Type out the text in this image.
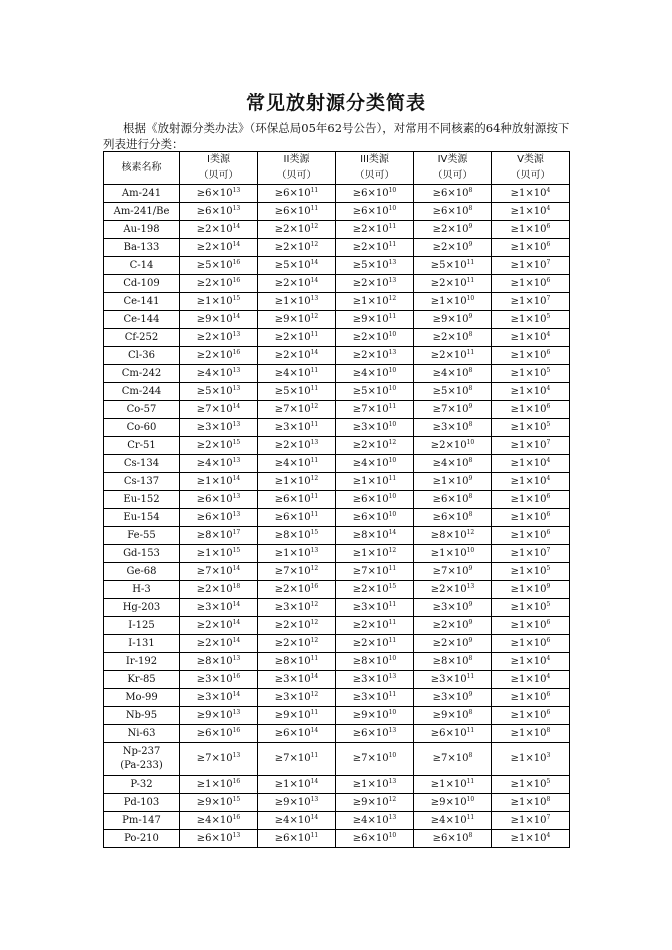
常见放射源分类简表
根据《放射源分类办法》（环保总局05年62号公告），对常用不同核素的64种放射源按下列表进行分类：
核素名称	I类源	II类源	III类源	IV类源	V类源
	（贝可）	（贝可）	（贝可）	（贝可）	（贝可）
Am-241	$\ge 6\times 10^{13}$	$\ge 6\times 10^{11}$	$\ge 6\times 10^{10}$	$\ge 6\times 10^8$	$\ge 1\times 10^4$
Am-241/Be	$\ge 6\times 10^{13}$	$\ge 6\times 10^{11}$	$\ge 6\times 10^{10}$	$\ge 6\times 10^8$	$\ge 1\times 10^4$
Au-198	$\ge 2\times 10^{14}$	$\ge 2\times 10^{12}$	$\ge 2\times 10^{11}$	$\ge 2\times 10^9$	$\ge 1\times 10^6$
Ba-133	$\ge 2\times 10^{14}$	$\ge 2\times 10^{12}$	$\ge 2\times 10^{11}$	$\ge 2\times 10^9$	$\ge 1\times 10^6$
C-14	$\ge 5\times 10^{16}$	$\ge 5\times 10^{14}$	$\ge 5\times 10^{13}$	$\ge 5\times 10^{11}$	$\ge 1\times 10^7$
Cd-109	$\ge 2\times 10^{16}$	$\ge 2\times 10^{14}$	$\ge 2\times 10^{13}$	$\ge 2\times 10^{11}$	$\ge 1\times 10^6$
Ce-141	$\ge 1\times 10^{15}$	$\ge 1\times 10^{13}$	$\ge 1\times 10^{12}$	$\ge 1\times 10^{10}$	$\ge 1\times 10^7$
Ce-144	$\ge 9\times 10^{14}$	$\ge 9\times 10^{12}$	$\ge 9\times 10^{11}$	$\ge 9\times 10^9$	$\ge 1\times 10^5$
Cf-252	$\ge 2\times 10^{13}$	$\ge 2\times 10^{11}$	$\ge 2\times 10^{10}$	$\ge 2\times 10^8$	$\ge 1\times 10^4$
Cl-36	$\ge 2\times 10^{16}$	$\ge 2\times 10^{14}$	$\ge 2\times 10^{13}$	$\ge 2\times 10^{11}$	$\ge 1\times 10^6$
Cm-242	$\ge 4\times 10^{13}$	$\ge 4\times 10^{11}$	$\ge 4\times 10^{10}$	$\ge 4\times 10^8$	$\ge 1\times 10^5$
Cm-244	$\ge 5\times 10^{13}$	$\ge 5\times 10^{11}$	$\ge 5\times 10^{10}$	$\ge 5\times 10^8$	$\ge 1\times 10^4$
Co-57	$\ge 7\times 10^{14}$	$\ge 7\times 10^{12}$	$\ge 7\times 10^{11}$	$\ge 7\times 10^9$	$\ge 1\times 10^6$
Co-60	$\ge 3\times 10^{13}$	$\ge 3\times 10^{11}$	$\ge 3\times 10^{10}$	$\ge 3\times 10^8$	$\ge 1\times 10^5$
Cr-51	$\ge 2\times 10^{15}$	$\ge 2\times 10^{13}$	$\ge 2\times 10^{12}$	$\ge 2\times 10^{10}$	$\ge 1\times 10^7$
Cs-134	$\ge 4\times 10^{13}$	$\ge 4\times 10^{11}$	$\ge 4\times 10^{10}$	$\ge 4\times 10^8$	$\ge 1\times 10^4$
Cs-137	$\ge 1\times 10^{14}$	$\ge 1\times 10^{12}$	$\ge 1\times 10^{11}$	$\ge 1\times 10^9$	$\ge 1\times 10^4$
Eu-152	$\ge 6\times 10^{13}$	$\ge 6\times 10^{11}$	$\ge 6\times 10^{10}$	$\ge 6\times 10^8$	$\ge 1\times 10^6$
Eu-154	$\ge 6\times 10^{13}$	$\ge 6\times 10^{11}$	$\ge 6\times 10^{10}$	$\ge 6\times 10^8$	$\ge 1\times 10^6$
Fe-55	$\ge 8\times 10^{17}$	$\ge 8\times 10^{15}$	$\ge 8\times 10^{14}$	$\ge 8\times 10^{12}$	$\ge 1\times 10^6$
Gd-153	$\ge 1\times 10^{15}$	$\ge 1\times 10^{13}$	$\ge 1\times 10^{12}$	$\ge 1\times 10^{10}$	$\ge 1\times 10^7$
Ge-68	$\ge 7\times 10^{14}$	$\ge 7\times 10^{12}$	$\ge 7\times 10^{11}$	$\ge 7\times 10^9$	$\ge 1\times 10^5$
H-3	$\ge 2\times 10^{18}$	$\ge 2\times 10^{16}$	$\ge 2\times 10^{15}$	$\ge 2\times 10^{13}$	$\ge 1\times 10^9$
Hg-203	$\ge 3\times 10^{14}$	$\ge 3\times 10^{12}$	$\ge 3\times 10^{11}$	$\ge 3\times 10^9$	$\ge 1\times 10^5$
I-125	$\ge 2\times 10^{14}$	$\ge 2\times 10^{12}$	$\ge 2\times 10^{11}$	$\ge 2\times 10^9$	$\ge 1\times 10^6$
I-131	$\ge 2\times 10^{14}$	$\ge 2\times 10^{12}$	$\ge 2\times 10^{11}$	$\ge 2\times 10^9$	$\ge 1\times 10^6$
Ir-192	$\ge 8\times 10^{13}$	$\ge 8\times 10^{11}$	$\ge 8\times 10^{10}$	$\ge 8\times 10^8$	$\ge 1\times 10^4$
Kr-85	$\ge 3\times 10^{16}$	$\ge 3\times 10^{14}$	$\ge 3\times 10^{13}$	$\ge 3\times 10^{11}$	$\ge 1\times 10^4$
Mo-99	$\ge 3\times 10^{14}$	$\ge 3\times 10^{12}$	$\ge 3\times 10^{11}$	$\ge 3\times 10^9$	$\ge 1\times 10^6$
Nb-95	$\ge 9\times 10^{13}$	$\ge 9\times 10^{11}$	$\ge 9\times 10^{10}$	$\ge 9\times 10^8$	$\ge 1\times 10^6$
Ni-63	$\ge 6\times 10^{16}$	$\ge 6\times 10^{14}$	$\ge 6\times 10^{13}$	$\ge 6\times 10^{11}$	$\ge 1\times 10^8$
Np-237
(Pa-233)	$\ge 7\times 10^{13}$	$\ge 7\times 10^{11}$	$\ge 7\times 10^{10}$	$\ge 7\times 10^8$	$\ge 1\times 10^3$
P-32	$\ge 1\times 10^{16}$	$\ge 1\times 10^{14}$	$\ge 1\times 10^{13}$	$\ge 1\times 10^{11}$	$\ge 1\times 10^5$
Pd-103	$\ge 9\times 10^{15}$	$\ge 9\times 10^{13}$	$\ge 9\times 10^{12}$	$\ge 9\times 10^{10}$	$\ge 1\times 10^8$
Pm-147	$\ge 4\times 10^{16}$	$\ge 4\times 10^{14}$	$\ge 4\times 10^{13}$	$\ge 4\times 10^{11}$	$\ge 1\times 10^7$
Po-210	$\ge 6\times 10^{13}$	$\ge 6\times 10^{11}$	$\ge 6\times 10^{10}$	$\ge 6\times 10^8$	$\ge 1\times 10^4$
